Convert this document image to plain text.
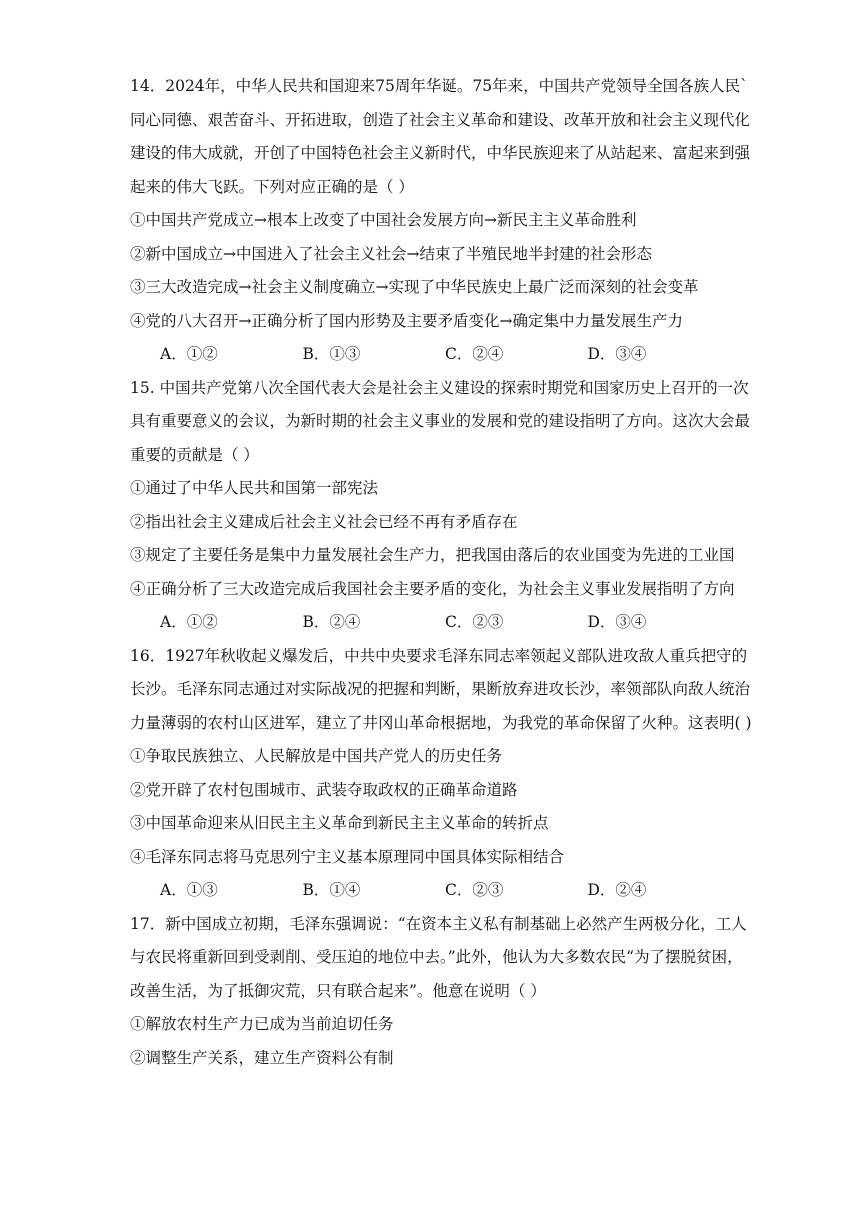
14．2024年，中华人民共和国迎来75周年华诞。75年来，中国共产党领导全国各族人民`
同心同德、艰苦奋斗、开拓进取，创造了社会主义革命和建设、改革开放和社会主义现代化
建设的伟大成就，开创了中国特色社会主义新时代，中华民族迎来了从站起来、富起来到强
起来的伟大飞跃。下列对应正确的是（ ）
①中国共产党成立→根本上改变了中国社会发展方向→新民主主义革命胜利
②新中国成立→中国进入了社会主义社会→结束了半殖民地半封建的社会形态
③三大改造完成→社会主义制度确立→实现了中华民族史上最广泛而深刻的社会变革
④党的八大召开→正确分析了国内形势及主要矛盾变化→确定集中力量发展生产力
A．①②	B．①③	C．②④	D．③④
15. 中国共产党第八次全国代表大会是社会主义建设的探索时期党和国家历史上召开的一次
具有重要意义的会议，为新时期的社会主义事业的发展和党的建设指明了方向。这次大会最
重要的贡献是（ ）
①通过了中华人民共和国第一部宪法
②指出社会主义建成后社会主义社会已经不再有矛盾存在
③规定了主要任务是集中力量发展社会生产力，把我国由落后的农业国变为先进的工业国
④正确分析了三大改造完成后我国社会主要矛盾的变化，为社会主义事业发展指明了方向
A．①②	B．②④	C．②③	D．③④
16．1927年秋收起义爆发后，中共中央要求毛泽东同志率领起义部队进攻敌人重兵把守的
长沙。毛泽东同志通过对实际战况的把握和判断，果断放弃进攻长沙，率领部队向敌人统治
力量薄弱的农村山区进军，建立了井冈山革命根据地，为我党的革命保留了火种。这表明( )
①争取民族独立、人民解放是中国共产党人的历史任务
②党开辟了农村包围城市、武装夺取政权的正确革命道路
③中国革命迎来从旧民主主义革命到新民主主义革命的转折点
④毛泽东同志将马克思列宁主义基本原理同中国具体实际相结合
A．①③	B．①④	C．②③	D．②④
17．新中国成立初期，毛泽东强调说：“在资本主义私有制基础上必然产生两极分化，工人
与农民将重新回到受剥削、受压迫的地位中去。”此外，他认为大多数农民“为了摆脱贫困，
改善生活，为了抵御灾荒，只有联合起来”。他意在说明（ ）
①解放农村生产力已成为当前迫切任务
②调整生产关系，建立生产资料公有制
